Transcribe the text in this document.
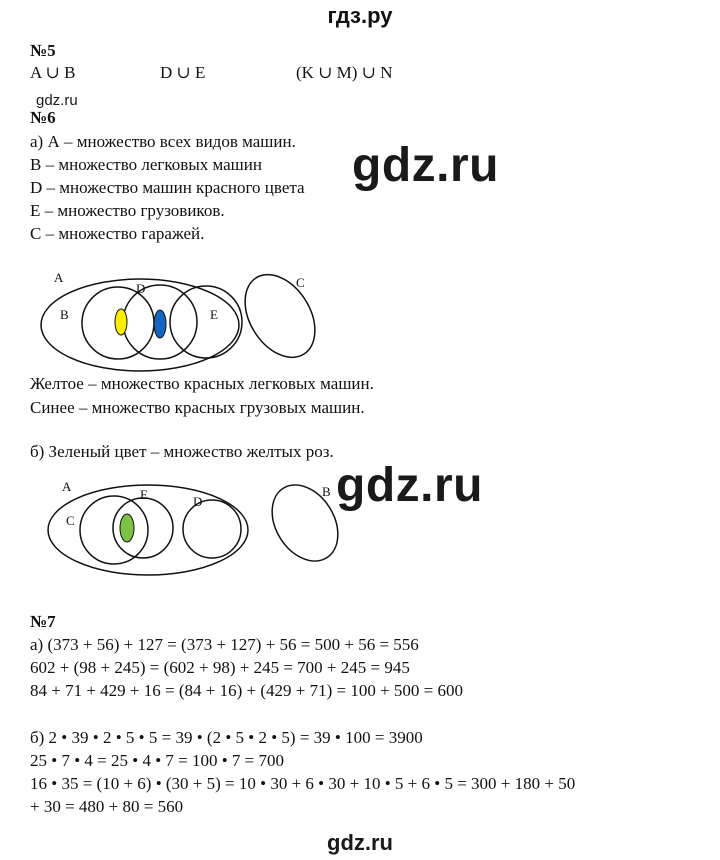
гдз.ру
№5
A ∪ B	D ∪ E	(K ∪ M) ∪ N
gdz.ru
№6
а) А – множество всех видов машин.
В – множество легковых машин
D – множество машин красного цвета
Е – множество грузовиков.
С – множество гаражей.
gdz.ru
A
B
D
E
C
Желтое – множество красных легковых машин.
Синее – множество красных грузовых машин.
б) Зеленый цвет – множество желтых роз.
gdz.ru
A
C
E	D
B
№7
а) (373 + 56) + 127 = (373 + 127) + 56 = 500 + 56 = 556
602 + (98 + 245) = (602 + 98) + 245 = 700 + 245 = 945
84 + 71 + 429 + 16 = (84 + 16) + (429 + 71) = 100 + 500 = 600
б) 2 • 39 • 2 • 5 • 5 = 39 • (2 • 5 • 2 • 5) = 39 • 100 = 3900
25 • 7 • 4 = 25 • 4 • 7 = 100 • 7 = 700
16 • 35 = (10 + 6) • (30 + 5) = 10 • 30 + 6 • 30 + 10 • 5 + 6 • 5 = 300 + 180 + 50
+ 30 = 480 + 80 = 560
gdz.ru
